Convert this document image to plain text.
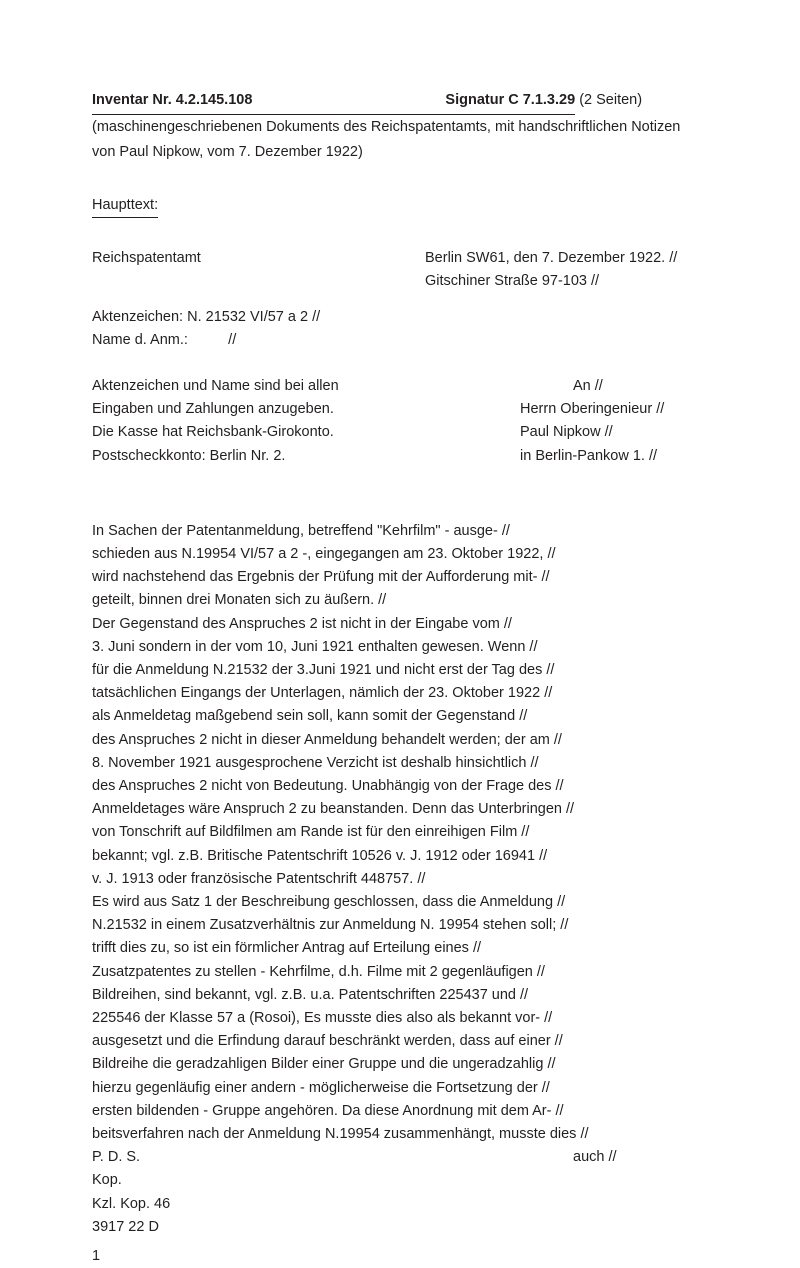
Inventar Nr. 4.2.145.108	Signatur C 7.1.3.29 (2 Seiten)
(maschinengeschriebenen Dokuments des Reichspatentamts, mit handschriftlichen Notizen
von Paul Nipkow, vom 7. Dezember 1922)
Haupttext:

Reichspatentamt

	Berlin SW61, den 7. Dezember 1922. //

Gitschiner Straße 97-103 //

Aktenzeichen: N. 21532 VI/57 a 2 //
Name d. Anm.:          //

Aktenzeichen und Name sind bei allen

	An //

Eingaben und Zahlungen anzugeben.

	Herrn Oberingenieur //

Die Kasse hat Reichsbank-Girokonto.

	Paul Nipkow //

Postscheckkonto: Berlin Nr. 2.

	in Berlin-Pankow 1. //

In Sachen der Patentanmeldung, betreffend "Kehrfilm" - ausge- //
schieden aus N.19954 VI/57 a 2 -, eingegangen am 23. Oktober 1922, //
wird nachstehend das Ergebnis der Prüfung mit der Aufforderung mit- //
geteilt, binnen drei Monaten sich zu äußern. //
Der Gegenstand des Anspruches 2 ist nicht in der Eingabe vom //
3. Juni sondern in der vom 10, Juni 1921 enthalten gewesen. Wenn //
für die Anmeldung N.21532 der 3.Juni 1921 und nicht erst der Tag des //
tatsächlichen Eingangs der Unterlagen, nämlich der 23. Oktober 1922 //
als Anmeldetag maßgebend sein soll, kann somit der Gegenstand //
des Anspruches 2 nicht in dieser Anmeldung behandelt werden; der am //
8. November 1921 ausgesprochene Verzicht ist deshalb hinsichtlich //
des Anspruches 2 nicht von Bedeutung. Unabhängig von der Frage des //
Anmeldetages wäre Anspruch 2 zu beanstanden. Denn das Unterbringen //
von Tonschrift auf Bildfilmen am Rande ist für den einreihigen Film //
bekannt; vgl. z.B. Britische Patentschrift 10526 v. J. 1912 oder 16941 //
v. J. 1913 oder französische Patentschrift 448757. //
Es wird aus Satz 1 der Beschreibung geschlossen, dass die Anmeldung //
N.21532 in einem Zusatzverhältnis zur Anmeldung N. 19954 stehen soll; //
trifft dies zu, so ist ein förmlicher Antrag auf Erteilung eines //
Zusatzpatentes zu stellen - Kehrfilme, d.h. Filme mit 2 gegenläufigen //
Bildreihen, sind bekannt, vgl. z.B. u.a. Patentschriften 225437 und //
225546 der Klasse 57 a (Rosoi), Es musste dies also als bekannt vor- //
ausgesetzt und die Erfindung darauf beschränkt werden, dass auf einer //
Bildreihe die geradzahligen Bilder einer Gruppe und die ungeradzahlig //
hierzu gegenläufig einer andern - möglicherweise die Fortsetzung der //
ersten bildenden - Gruppe angehören. Da diese Anordnung mit dem Ar- //
beitsverfahren nach der Anmeldung N.19954 zusammenhängt, musste dies //

P. D. S.

	auch //

Kop.
Kzl. Kop. 46
3917 22 D
1
